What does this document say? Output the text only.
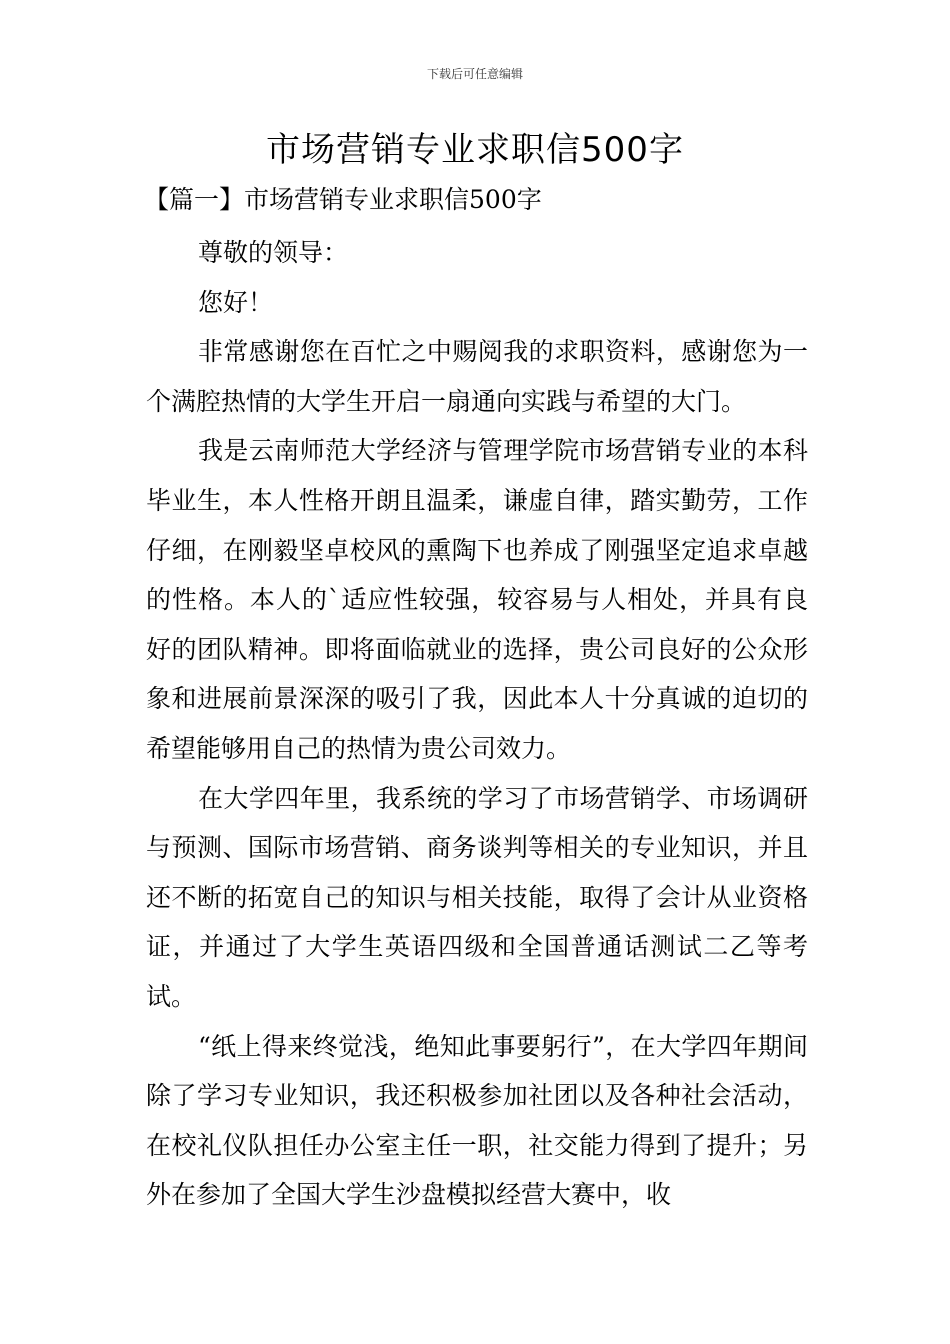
下载后可任意编辑
市场营销专业求职信500字
【篇一】市场营销专业求职信500字

尊敬的领导：

您好！

非常感谢您在百忙之中赐阅我的求职资料，感谢您为一个满腔热情的大学生开启一扇通向实践与希望的大门。

我是云南师范大学经济与管理学院市场营销专业的本科毕业生，本人性格开朗且温柔，谦虚自律，踏实勤劳，工作仔细，在刚毅坚卓校风的熏陶下也养成了刚强坚定追求卓越的性格。本人的`适应性较强，较容易与人相处，并具有良好的团队精神。即将面临就业的选择，贵公司良好的公众形象和进展前景深深的吸引了我，因此本人十分真诚的迫切的希望能够用自己的热情为贵公司效力。

在大学四年里，我系统的学习了市场营销学、市场调研与预测、国际市场营销、商务谈判等相关的专业知识，并且还不断的拓宽自己的知识与相关技能，取得了会计从业资格证，并通过了大学生英语四级和全国普通话测试二乙等考试。

“纸上得来终觉浅，绝知此事要躬行”，在大学四年期间除了学习专业知识，我还积极参加社团以及各种社会活动，在校礼仪队担任办公室主任一职，社交能力得到了提升；另外在参加了全国大学生沙盘模拟经营大赛中，收
